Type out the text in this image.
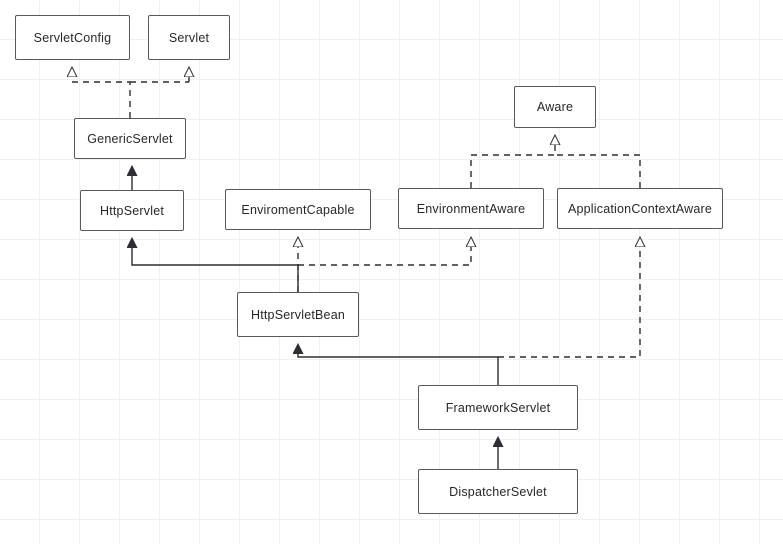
ServletConfig	Servlet
Aware
GenericServlet
HttpServlet	EnviromentCapable	EnvironmentAware	ApplicationContextAware
HttpServletBean
FrameworkServlet
DispatcherSevlet
